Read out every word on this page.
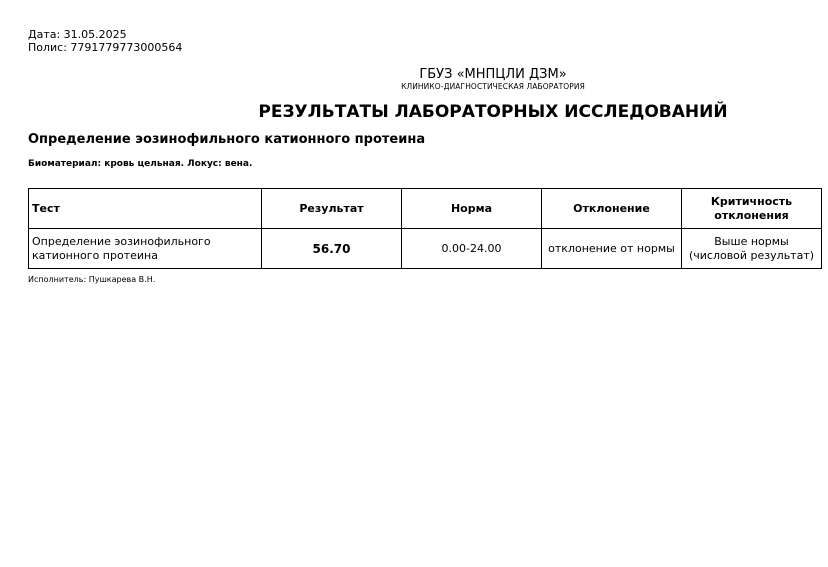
Дата: 31.05.2025
Полис: 7791779773000564
ГБУЗ «МНПЦЛИ ДЗМ»
КЛИНИКО-ДИАГНОСТИЧЕСКАЯ ЛАБОРАТОРИЯ
РЕЗУЛЬТАТЫ ЛАБОРАТОРНЫХ ИССЛЕДОВАНИЙ
Определение эозинофильного катионного протеина
Биоматериал: кровь цельная. Локус: вена.
Тест	Результат	Норма	Отклонение	Критичность
отклонения

Определение эозинофильного катионного протеина	56.70	0.00-24.00	отклонение от нормы	Выше нормы (числовой результат)
Исполнитель: Пушкарева В.Н.
